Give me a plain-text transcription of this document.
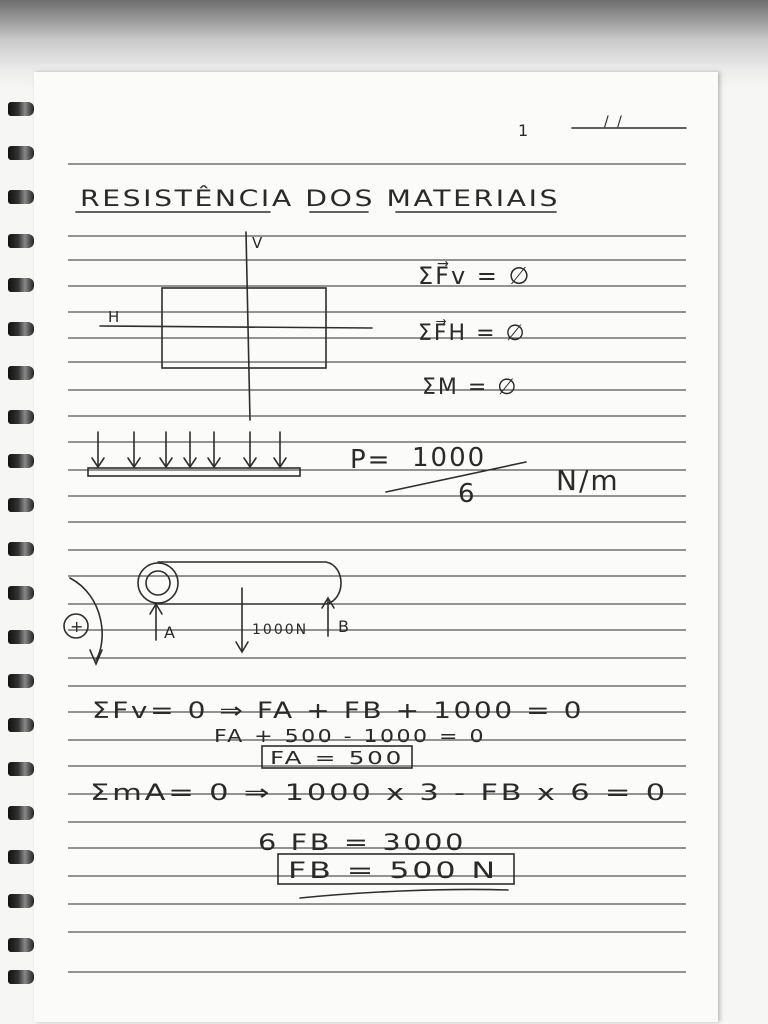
1	/ /
RESISTÊNCIA DOS MATERIAIS
V
H
ΣF⃗v = ∅
ΣF⃗H = ∅
ΣM = ∅
P= 1000
6	N/m
+	A	1000N B
ΣFv= 0 ⇒ FA + FB + 1000 = 0
FA + 500 - 1000 = 0
FA = 500
ΣmA= 0 ⇒ 1000 x 3 - FB x 6 = 0
6 FB = 3000
FB = 500 N
